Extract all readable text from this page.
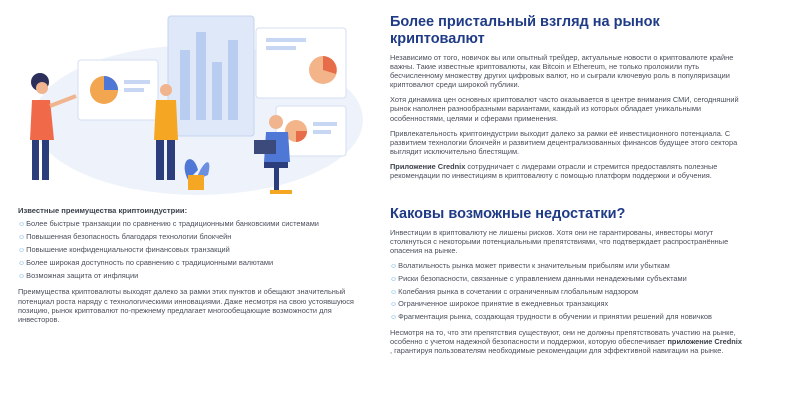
Более пристальный взгляд на рынок криптовалют

Независимо от того, новичок вы или опытный трейдер, актуальные новости о криптовалюте крайне важны. Такие известные криптовалюты, как Bitcoin и Ethereum, не только проложили путь бесчисленному множеству других цифровых валют, но и сыграли ключевую роль в популяризации криптовалют среди широкой публики.

Хотя динамика цен основных криптовалют часто оказывается в центре внимания СМИ, сегодняшний рынок наполнен разнообразными вариантами, каждый из которых обладает уникальными особенностями, целями и сферами применения.

Привлекательность криптоиндустрии выходит далеко за рамки её инвестиционного потенциала. С развитием технологии блокчейн и развитием децентрализованных финансов будущее этого сектора выглядит исключительно блестящим.

Приложение Crednix сотрудничает с лидерами отрасли и стремится предоставлять полезные рекомендации по инвестициям в криптовалюту с помощью платформ поддержки и обучения.

Известные преимущества криптоиндустрии:
☺Более быстрые транзакции по сравнению с традиционными банковскими системами
☺Повышенная безопасность благодаря технологии блокчейн
☺Повышение конфиденциальности финансовых транзакций
☺Более широкая доступность по сравнению с традиционными валютами
☺Возможная защита от инфляции

Преимущества криптовалюты выходят далеко за рамки этих пунктов и обещают значительный потенциал роста наряду с технологическими инновациями. Даже несмотря на свою устоявшуюся позицию, рынок криптовалют по-прежнему предлагает многообещающие возможности для инвесторов.

Каковы возможные недостатки?

Инвестиции в криптовалюту не лишены рисков. Хотя они не гарантированы, инвесторы могут столкнуться с некоторыми потенциальными препятствиями, что подтверждает распространённые опасения на рынке.

☺Волатильность рынка может привести к значительным прибылям или убыткам
☺Риски безопасности, связанные с управлением данными ненадежными субъектами
☺Колебания рынка в сочетании с ограниченным глобальным надзором
☺Ограниченное широкое принятие в ежедневных транзакциях
☺Фрагментация рынка, создающая трудности в обучении и принятии решений для новичков

Несмотря на то, что эти препятствия существуют, они не должны препятствовать участию на рынке, особенно с учетом надежной безопасности и поддержки, которую обеспечивает приложение Crednix , гарантируя пользователям необходимые рекомендации для эффективной навигации на рынке.
